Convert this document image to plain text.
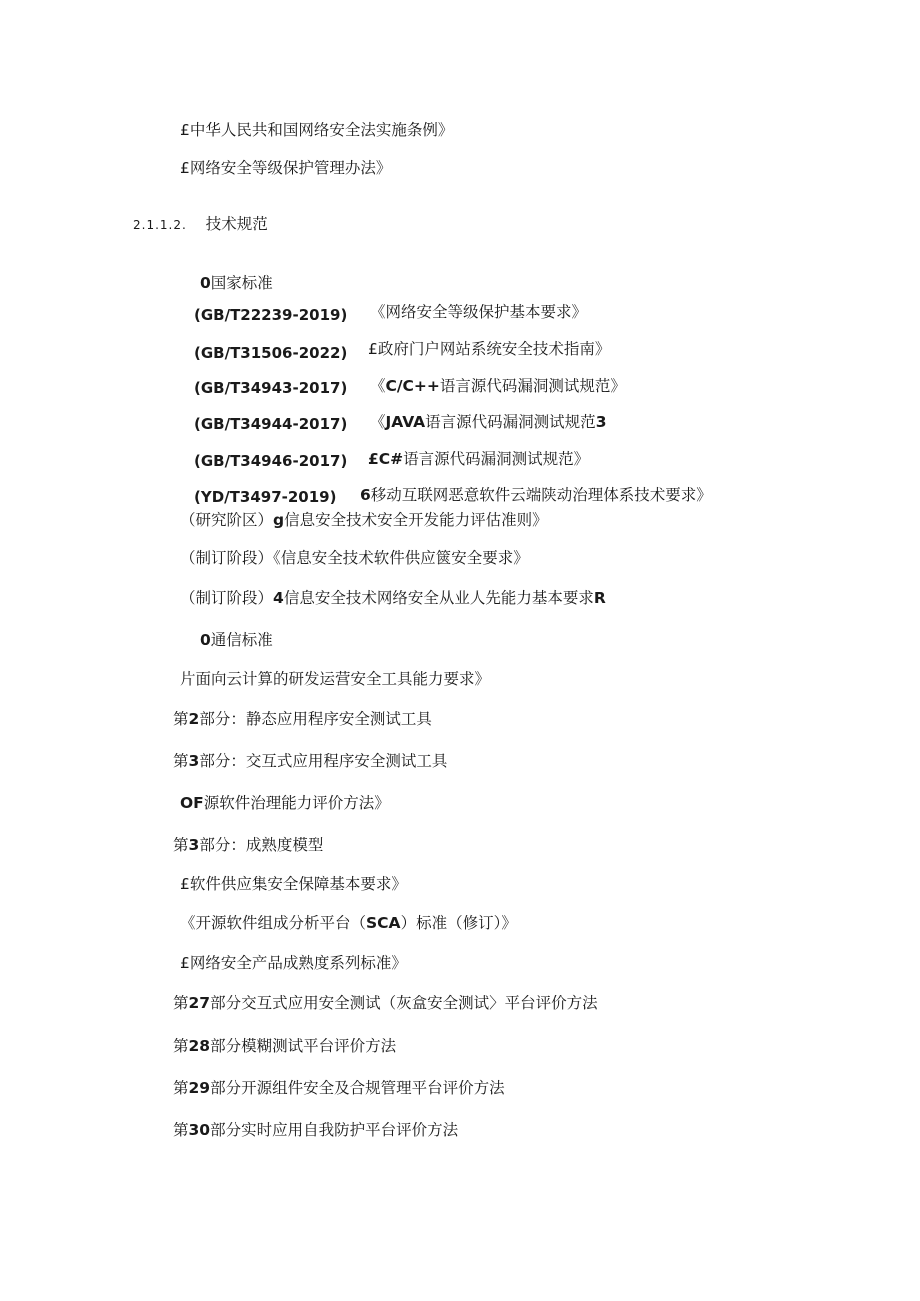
£中华人民共和国网络安全法实施条例》
£网络安全等级保护管理办法》
2.1.1.2. 技术规范
0国家标准
(GB/T22239-2019) 《网络安全等级保护基本要求》
(GB/T31506-2022) £政府门户网站系统安全技术指南》
(GB/T34943-2017) 《C/C++语言源代码漏洞测试规范》
(GB/T34944-2017) 《JAVA语言源代码漏洞测试规范3
(GB/T34946-2017) £C#语言源代码漏洞测试规范》
(YD/T3497-2019) 6移动互联网恶意软件云端陕动治理体系技术要求》
（研究阶区）g信息安全技术安全开发能力评估准则》
（制订阶段）《信息安全技术软件供应篋安全要求》
（制订阶段）4信息安全技术网络安全从业人先能力基本要求R
0通信标准
片面向云计算的研发运营安全工具能力要求》
第2部分：静态应用程序安全测试工具
第3部分：交互式应用程序安全测试工具
OF源软件治理能力评价方法》
第3部分：成熟度模型
£软件供应集安全保障基本要求》
《开源软件组成分析平台（SCA）标准（修订）》
£网络安全产品成熟度系列标准》
第27部分交互式应用安全测试（灰盒安全测试〉平台评价方法
第28部分模糊测试平台评价方法
第29部分开源组件安全及合规管理平台评价方法
第30部分实时应用自我防护平台评价方法
